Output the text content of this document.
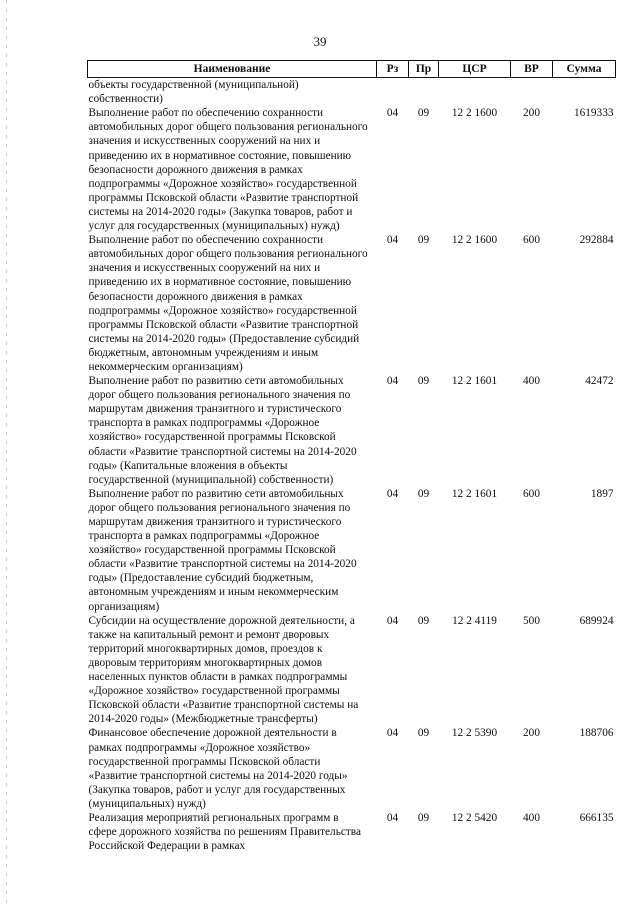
39
Наименование	Рз	Пр	ЦСР	ВР	Сумма
объекты государственной (муниципальной) собственности)					
Выполнение работ по обеспечению сохранности автомобильных дорог общего пользования регионального значения и искусственных сооружений на них и приведению их в нормативное состояние, повышению безопасности дорожного движения в рамках подпрограммы «Дорожное хозяйство» государственной программы Псковской области «Развитие транспортной системы на 2014-2020 годы» (Закупка товаров, работ и услуг для государственных (муниципальных) нужд)	04	09	12 2 1600	200	1619333
Выполнение работ по обеспечению сохранности автомобильных дорог общего пользования регионального значения и искусственных сооружений на них и приведению их в нормативное состояние, повышению безопасности дорожного движения в рамках подпрограммы «Дорожное хозяйство» государственной программы Псковской области «Развитие транспортной системы на 2014-2020 годы» (Предоставление субсидий бюджетным, автономным учреждениям и иным некоммерческим организациям)	04	09	12 2 1600	600	292884
Выполнение работ по развитию сети автомобильных дорог общего пользования регионального значения по маршрутам движения транзитного и туристического транспорта в рамках подпрограммы «Дорожное хозяйство» государственной программы Псковской области «Развитие транспортной системы на 2014-2020 годы» (Капитальные вложения в объекты государственной (муниципальной) собственности)	04	09	12 2 1601	400	42472
Выполнение работ по развитию сети автомобильных дорог общего пользования регионального значения по маршрутам движения транзитного и туристического транспорта в рамках подпрограммы «Дорожное хозяйство» государственной программы Псковской области «Развитие транспортной системы на 2014-2020 годы» (Предоставление субсидий бюджетным, автономным учреждениям и иным некоммерческим организациям)	04	09	12 2 1601	600	1897
Субсидии на осуществление дорожной деятельности, а также на капитальный ремонт и ремонт дворовых территорий многоквартирных домов, проездов к дворовым территориям многоквартирных домов населенных пунктов области в рамках подпрограммы «Дорожное хозяйство» государственной программы Псковской области «Развитие транспортной системы на 2014-2020 годы» (Межбюджетные трансферты)	04	09	12 2 4119	500	689924
Финансовое обеспечение дорожной деятельности в рамках подпрограммы «Дорожное хозяйство» государственной программы Псковской области «Развитие транспортной системы на 2014-2020 годы» (Закупка товаров, работ и услуг для государственных (муниципальных) нужд)	04	09	12 2 5390	200	188706
Реализация мероприятий региональных программ в сфере дорожного хозяйства по решениям Правительства Российской Федерации в рамках	04	09	12 2 5420	400	666135
